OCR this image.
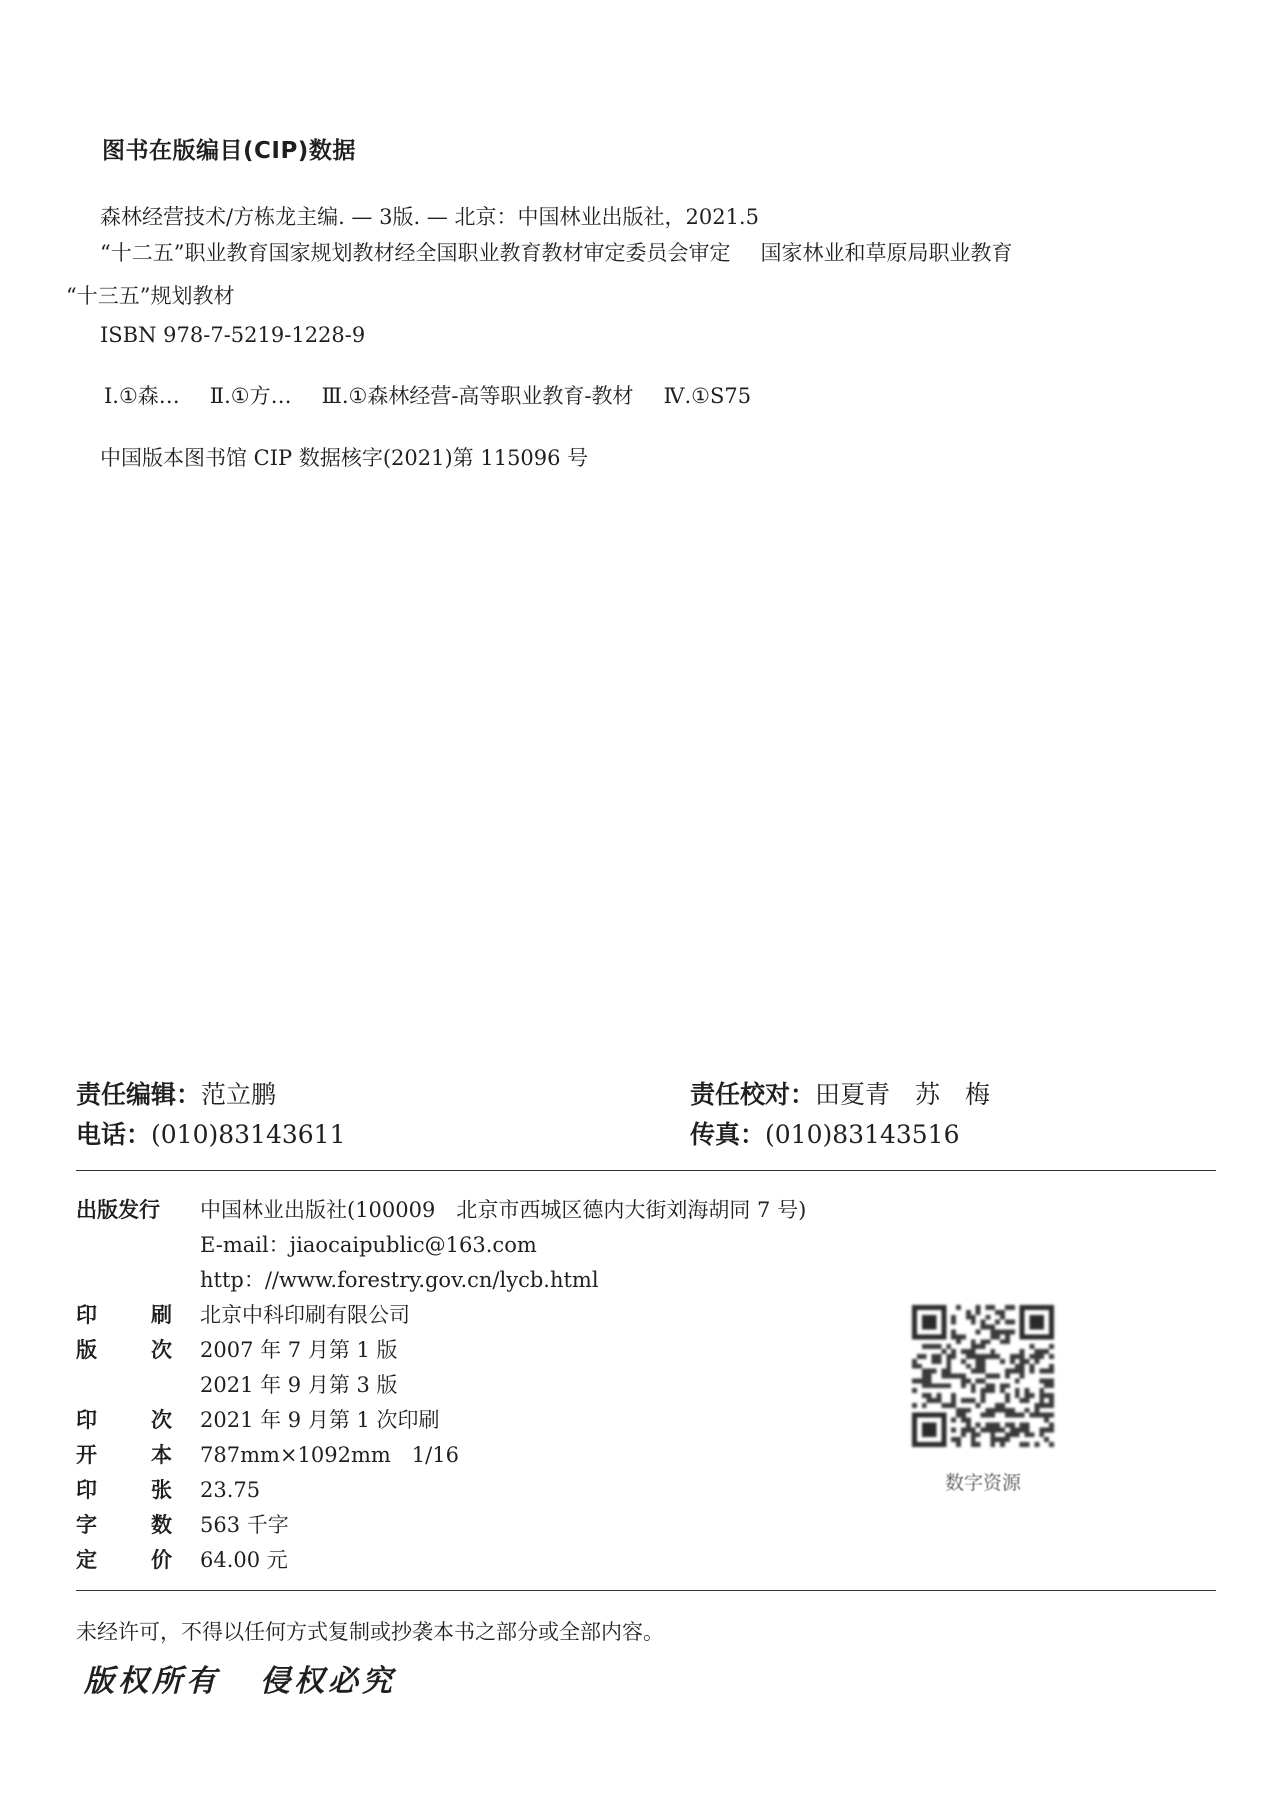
图书在版编目(CIP)数据
森林经营技术/方栋龙主编. — 3版. — 北京：中国林业出版社，2021.5
“十二五”职业教育国家规划教材经全国职业教育教材审定委员会审定 国家林业和草原局职业教育
“十三五”规划教材
ISBN 978-7-5219-1228-9
Ⅰ.①森… Ⅱ.①方… Ⅲ.①森林经营-高等职业教育-教材 Ⅳ.①S75
中国版本图书馆 CIP 数据核字(2021)第 115096 号
责任编辑：范立鹏
电话：(010)83143611
责任校对：田夏青　苏　梅
传真：(010)83143516
出版发行 中国林业出版社(100009　北京市西城区德内大街刘海胡同 7 号)
E-mail：jiaocaipublic@163.com
http：//www.forestry.gov.cn/lycb.html
印刷 北京中科印刷有限公司
版次 2007 年 7 月第 1 版
2021 年 9 月第 3 版
印次 2021 年 9 月第 1 次印刷
开本 787mm×1092mm　1/16
印张 23.75
字数 563 千字
定价 64.00 元
数字资源
未经许可，不得以任何方式复制或抄袭本书之部分或全部内容。
版权所有 侵权必究
